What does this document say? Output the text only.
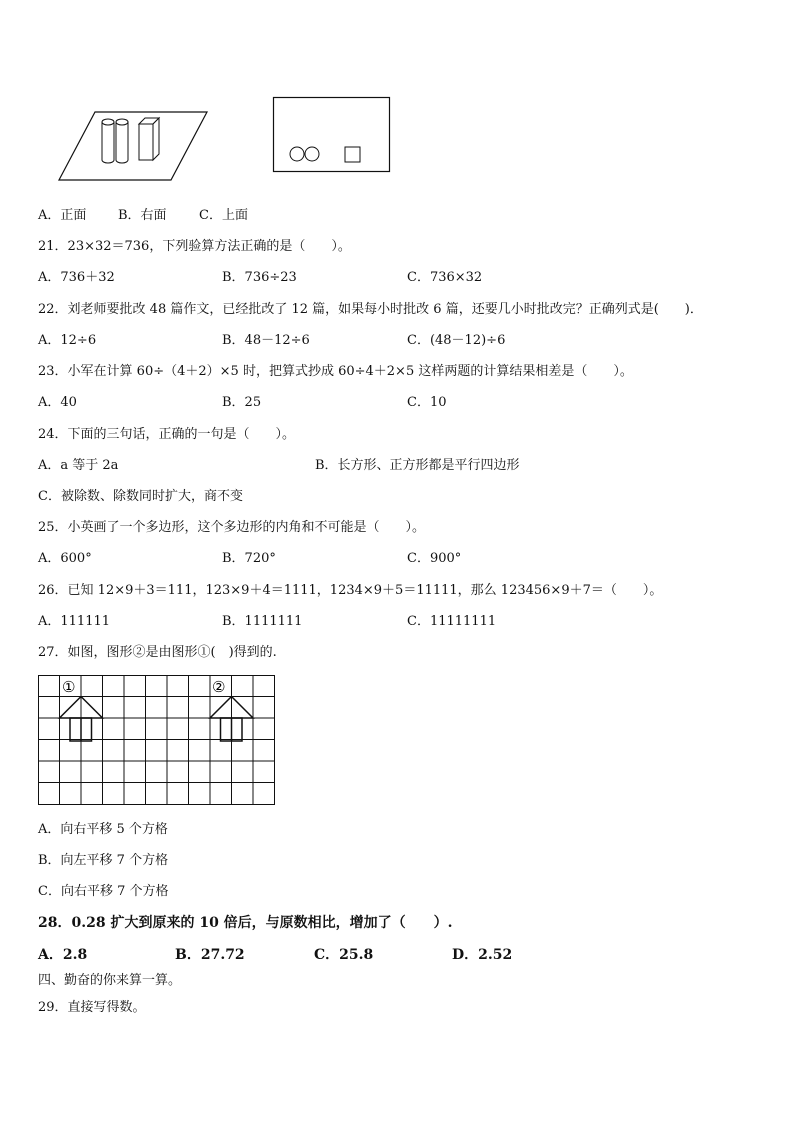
A．正面 B．右面 C．上面
21．23×32＝736，下列验算方法正确的是（　　）。
A．736＋32	B．736÷23	C．736×32
22．刘老师要批改 48 篇作文，已经批改了 12 篇，如果每小时批改 6 篇，还要几小时批改完？正确列式是(　　)．
A．12÷6	B．48－12÷6	C．(48－12)÷6
23．小军在计算 60÷（4＋2）×5 时，把算式抄成 60÷4＋2×5 这样两题的计算结果相差是（　　）。
A．40	B．25	C．10
24．下面的三句话，正确的一句是（　　）。
A．a 等于 2a	B．长方形、正方形都是平行四边形
C．被除数、除数同时扩大，商不变
25．小英画了一个多边形，这个多边形的内角和不可能是（　　）。
A．600°	B．720°	C．900°
26．已知 12×9＋3＝111，123×9＋4＝1111，1234×9＋5＝11111，那么 123456×9＋7＝（　　）。
A．111111	B．1111111	C．11111111
27．如图，图形②是由图形①(　)得到的.
①	②
A．向右平移 5 个方格
B．向左平移 7 个方格
C．向右平移 7 个方格
28．0.28 扩大到原来的 10 倍后，与原数相比，增加了（　　）.
A．2.8	B．27.72	C．25.8	D．2.52
四、勤奋的你来算一算。
29．直接写得数。
